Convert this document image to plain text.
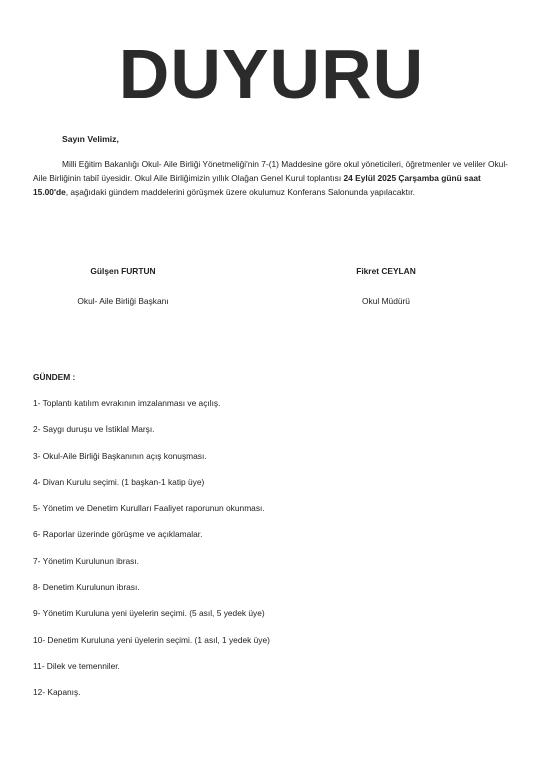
DUYURU
Sayın Velimiz,
Milli Eğitim Bakanlığı Okul- Aile Birliği Yönetmeliği'nin 7-(1) Maddesine göre okul yöneticileri, öğretmenler ve veliler Okul- Aile Birliğinin tabiî üyesidir. Okul Aile Birliğimizin yıllık Olağan Genel Kurul toplantısı 24 Eylül 2025 Çarşamba günü saat 15.00'de, aşağıdaki gündem maddelerini görüşmek üzere okulumuz Konferans Salonunda yapılacaktır.
Gülşen FURTUN
Okul- Aile Birliği Başkanı
Fikret CEYLAN
Okul Müdürü
GÜNDEM :
1- Toplantı katılım evrakının imzalanması ve açılış.
2- Saygı duruşu ve İstiklal Marşı.
3- Okul-Aile Birliği Başkanının açış konuşması.
4- Divan Kurulu seçimi. (1 başkan-1 katip üye)
5- Yönetim ve Denetim Kurulları Faaliyet raporunun okunması.
6- Raporlar üzerinde görüşme ve açıklamalar.
7- Yönetim Kurulunun ibrası.
8- Denetim Kurulunun ibrası.
9- Yönetim Kuruluna yeni üyelerin seçimi. (5 asıl, 5 yedek üye)
10- Denetim Kuruluna yeni üyelerin seçimi. (1 asıl, 1 yedek üye)
11- Dilek ve temenniler.
12- Kapanış.
